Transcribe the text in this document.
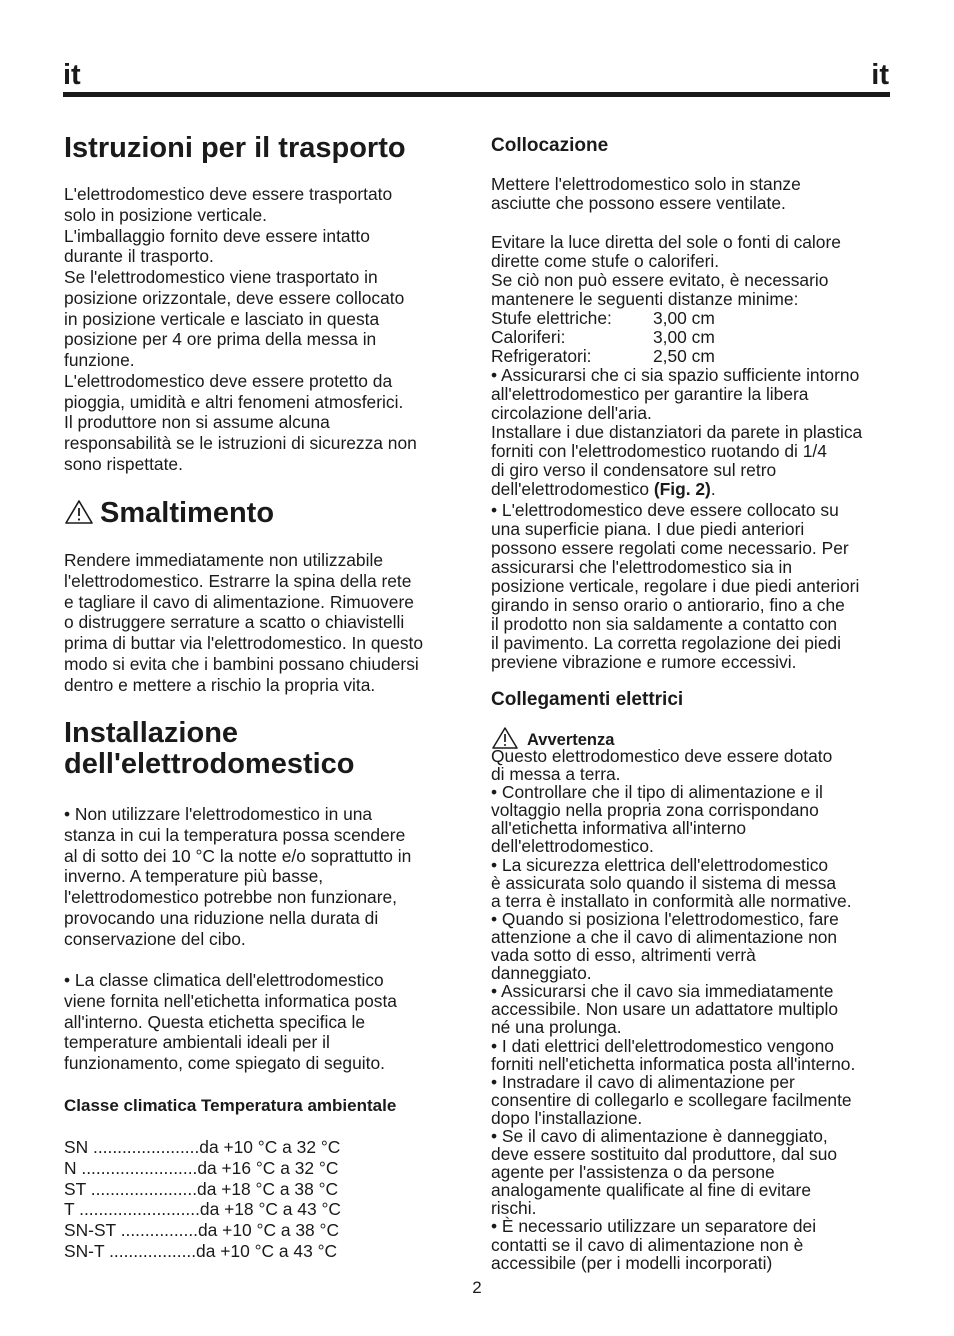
it	it
Istruzioni per il trasporto
L'elettrodomestico deve essere trasportato
solo in posizione verticale.
L'imballaggio fornito deve essere intatto
durante il trasporto.
Se l'elettrodomestico viene trasportato in
posizione orizzontale, deve essere collocato
in posizione verticale e lasciato in questa
posizione per 4 ore prima della messa in
funzione.
L'elettrodomestico deve essere protetto da
pioggia, umidità e altri fenomeni atmosferici.
Il produttore non si assume alcuna
responsabilità se le istruzioni di sicurezza non
sono rispettate.
Smaltimento
Rendere immediatamente non utilizzabile
l'elettrodomestico. Estrarre la spina della rete
e tagliare il cavo di alimentazione. Rimuovere
o distruggere serrature a scatto o chiavistelli
prima di buttar via l'elettrodomestico. In questo
modo si evita che i bambini possano chiudersi
dentro e mettere a rischio la propria vita.
Installazione
dell'elettrodomestico
• Non utilizzare l'elettrodomestico in una
stanza in cui la temperatura possa scendere
al di sotto dei 10 °C la notte e/o soprattutto in
inverno. A temperature più basse,
l'elettrodomestico potrebbe non funzionare,
provocando una riduzione nella durata di
conservazione del cibo.
• La classe climatica dell'elettrodomestico
viene fornita nell'etichetta informatica posta
all'interno. Questa etichetta specifica le
temperature ambientali ideali per il
funzionamento, come spiegato di seguito.
Classe climatica Temperatura ambientale
SN ......................da +10 °C a 32 °C
N ........................da +16 °C a 32 °C
ST ......................da +18 °C a 38 °C
T .........................da +18 °C a 43 °C
SN-ST ................da +10 °C a 38 °C
SN-T ..................da +10 °C a 43 °C
Collocazione
Mettere l'elettrodomestico solo in stanze
asciutte che possono essere ventilate.
Evitare la luce diretta del sole o fonti di calore
dirette come stufe o caloriferi.
Se ciò non può essere evitato, è necessario
mantenere le seguenti distanze minime:
Stufe elettriche:	3,00 cm
Caloriferi:	3,00 cm
Refrigeratori:	2,50 cm
• Assicurarsi che ci sia spazio sufficiente intorno
all'elettrodomestico per garantire la libera
circolazione dell'aria.
Installare i due distanziatori da parete in plastica
forniti con l'elettrodomestico ruotando di 1/4
di giro verso il condensatore sul retro
dell'elettrodomestico (Fig. 2).
• L'elettrodomestico deve essere collocato su
una superficie piana. I due piedi anteriori
possono essere regolati come necessario. Per
assicurarsi che l'elettrodomestico sia in
posizione verticale, regolare i due piedi anteriori
girando in senso orario o antiorario, fino a che
il prodotto non sia saldamente a contatto con
il pavimento. La corretta regolazione dei piedi
previene vibrazione e rumore eccessivi.
Collegamenti elettrici
Avvertenza
Questo elettrodomestico deve essere dotato
di messa a terra.
• Controllare che il tipo di alimentazione e il
voltaggio nella propria zona corrispondano
all'etichetta informativa all'interno
dell'elettrodomestico.
• La sicurezza elettrica dell'elettrodomestico
è assicurata solo quando il sistema di messa
a terra è installato in conformità alle normative.
• Quando si posiziona l'elettrodomestico, fare
attenzione a che il cavo di alimentazione non
vada sotto di esso, altrimenti verrà
danneggiato.
• Assicurarsi che il cavo sia immediatamente
accessibile. Non usare un adattatore multiplo
né una prolunga.
• I dati elettrici dell'elettrodomestico vengono
forniti nell'etichetta informatica posta all'interno.
• Instradare il cavo di alimentazione per
consentire di collegarlo e scollegare facilmente
dopo l'installazione.
• Se il cavo di alimentazione è danneggiato,
deve essere sostituito dal produttore, dal suo
agente per l'assistenza o da persone
analogamente qualificate al fine di evitare
rischi.
• È necessario utilizzare un separatore dei
contatti se il cavo di alimentazione non è
accessibile (per i modelli incorporati)
2
